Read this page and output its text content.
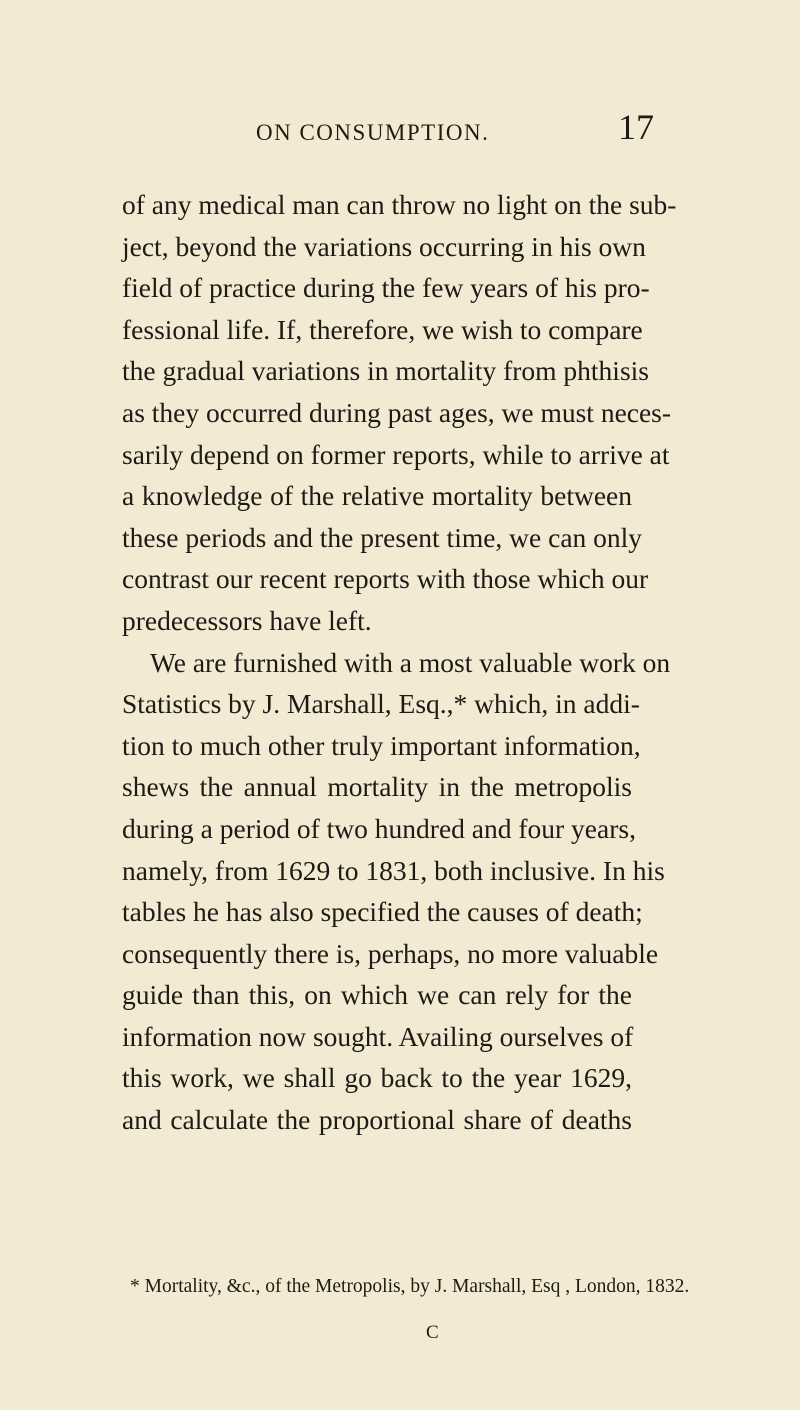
ON CONSUMPTION.	17
of any medical man can throw no light on the sub-
ject, beyond the variations occurring in his own
field of practice during the few years of his pro-
fessional life. If, therefore, we wish to compare
the gradual variations in mortality from phthisis
as they occurred during past ages, we must neces-
sarily depend on former reports, while to arrive at
a knowledge of the relative mortality between
these periods and the present time, we can only
contrast our recent reports with those which our
predecessors have left.
We are furnished with a most valuable work on
Statistics by J. Marshall, Esq.,* which, in addi-
tion to much other truly important information,
shews the annual mortality in the metropolis
during a period of two hundred and four years,
namely, from 1629 to 1831, both inclusive. In his
tables he has also specified the causes of death;
consequently there is, perhaps, no more valuable
guide than this, on which we can rely for the
information now sought. Availing ourselves of
this work, we shall go back to the year 1629,
and calculate the proportional share of deaths
* Mortality, &c., of the Metropolis, by J. Marshall, Esq , London, 1832.
C
